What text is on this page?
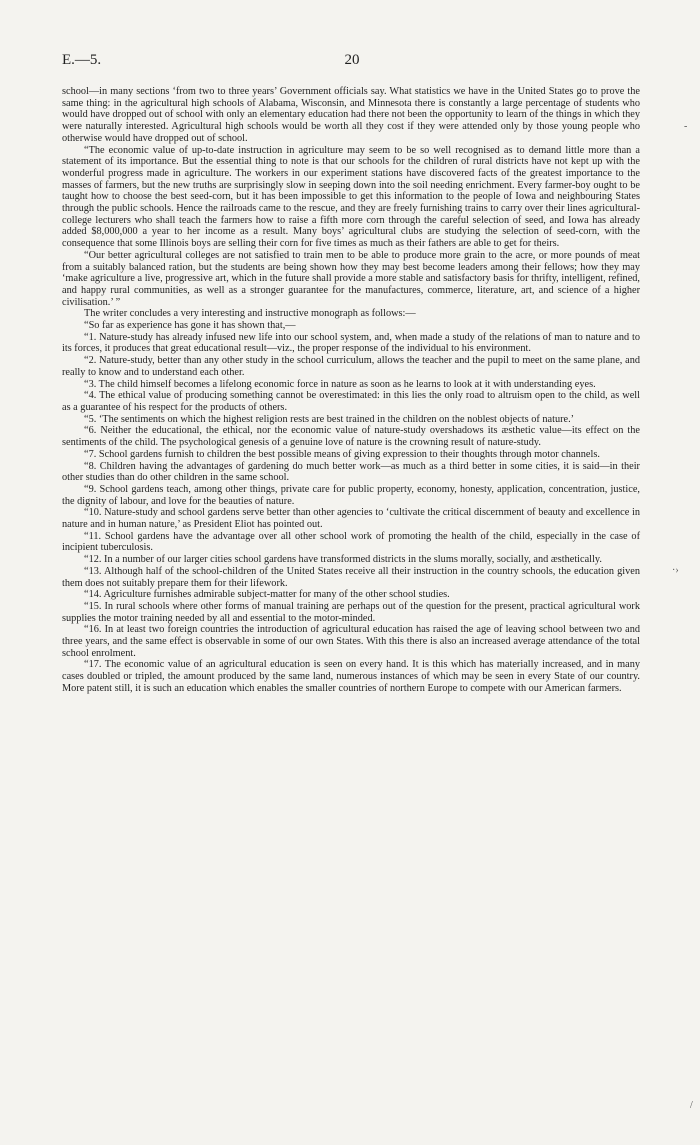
E.—5.	20

school—in many sections ‘from two to three years’ Government officials say. What statistics we have in the United States go to prove the same thing: in the agricultural high schools of Alabama, Wisconsin, and Minnesota there is constantly a large percentage of students who would have dropped out of school with only an elementary education had there not been the opportunity to learn of the things in which they were naturally interested. Agricultural high schools would be worth all they cost if they were attended only by those young people who otherwise would have dropped out of school.

“The economic value of up-to-date instruction in agriculture may seem to be so well recognised as to demand little more than a statement of its importance. But the essential thing to note is that our schools for the children of rural districts have not kept up with the wonderful progress made in agriculture. The workers in our experiment stations have discovered facts of the greatest importance to the masses of farmers, but the new truths are surprisingly slow in seeping down into the soil needing enrichment. Every farmer-boy ought to be taught how to choose the best seed-corn, but it has been impossible to get this information to the people of Iowa and neighbouring States through the public schools. Hence the railroads came to the rescue, and they are freely furnishing trains to carry over their lines agricultural-college lecturers who shall teach the farmers how to raise a fifth more corn through the careful selection of seed, and Iowa has already added $8,000,000 a year to her income as a result. Many boys’ agricultural clubs are studying the selection of seed-corn, with the consequence that some Illinois boys are selling their corn for five times as much as their fathers are able to get for theirs.

“Our better agricultural colleges are not satisfied to train men to be able to produce more grain to the acre, or more pounds of meat from a suitably balanced ration, but the students are being shown how they may best become leaders among their fellows; how they may ‘make agriculture a live, progressive art, which in the future shall provide a more stable and satisfactory basis for thrifty, intelligent, refined, and happy rural communities, as well as a stronger guarantee for the manufactures, commerce, literature, art, and science of a higher civilisation.’ ”

The writer concludes a very interesting and instructive monograph as follows:—

“So far as experience has gone it has shown that,—

“1. Nature-study has already infused new life into our school system, and, when made a study of the relations of man to nature and to its forces, it produces that great educational result—viz., the proper response of the individual to his environment.

“2. Nature-study, better than any other study in the school curriculum, allows the teacher and the pupil to meet on the same plane, and really to know and to understand each other.

“3. The child himself becomes a lifelong economic force in nature as soon as he learns to look at it with understanding eyes.

“4. The ethical value of producing something cannot be overestimated: in this lies the only road to altruism open to the child, as well as a guarantee of his respect for the products of others.

“5. ‘The sentiments on which the highest religion rests are best trained in the children on the noblest objects of nature.’

“6. Neither the educational, the ethical, nor the economic value of nature-study overshadows its æsthetic value—its effect on the sentiments of the child. The psychological genesis of a genuine love of nature is the crowning result of nature-study.

“7. School gardens furnish to children the best possible means of giving expression to their thoughts through motor channels.

“8. Children having the advantages of gardening do much better work—as much as a third better in some cities, it is said—in their other studies than do other children in the same school.

“9. School gardens teach, among other things, private care for public property, economy, honesty, application, concentration, justice, the dignity of labour, and love for the beauties of nature.

“10. Nature-study and school gardens serve better than other agencies to ‘cultivate the critical discernment of beauty and excellence in nature and in human nature,’ as President Eliot has pointed out.

“11. School gardens have the advantage over all other school work of promoting the health of the child, especially in the case of incipient tuberculosis.

“12. In a number of our larger cities school gardens have transformed districts in the slums morally, socially, and æsthetically.

“13. Although half of the school-children of the United States receive all their instruction in the country schools, the education given them does not suitably prepare them for their lifework.

“14. Agriculture furnishes admirable subject-matter for many of the other school studies.

“15. In rural schools where other forms of manual training are perhaps out of the question for the present, practical agricultural work supplies the motor training needed by all and essential to the motor-minded.

“16. In at least two foreign countries the introduction of agricultural education has raised the age of leaving school between two and three years, and the same effect is observable in some of our own States. With this there is also an increased average attendance of the total school enrolment.

“17. The economic value of an agricultural education is seen on every hand. It is this which has materially increased, and in many cases doubled or tripled, the amount produced by the same land, numerous instances of which may be seen in every State of our country. More patent still, it is such an education which enables the smaller countries of northern Europe to compete with our American farmers.

-
·›
/
